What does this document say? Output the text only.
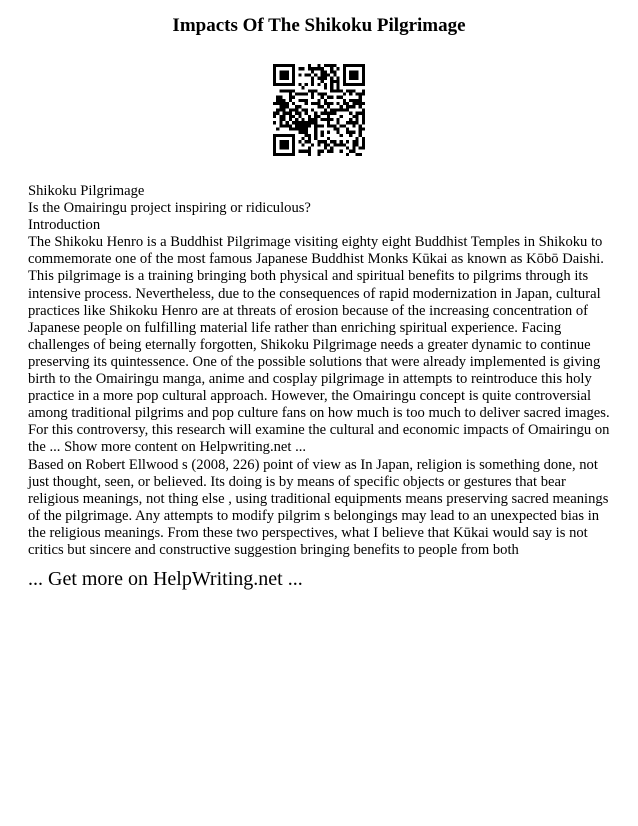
Impacts Of The Shikoku Pilgrimage

Shikoku Pilgrimage

Is the Omairingu project inspiring or ridiculous?

Introduction

The Shikoku Henro is a Buddhist Pilgrimage visiting eighty eight Buddhist Temples in Shikoku to commemorate one of the most famous Japanese Buddhist Monks Kūkai as known as Kōbō Daishi. This pilgrimage is a training bringing both physical and spiritual benefits to pilgrims through its intensive process. Nevertheless, due to the consequences of rapid modernization in Japan, cultural practices like Shikoku Henro are at threats of erosion because of the increasing concentration of Japanese people on fulfilling material life rather than enriching spiritual experience. Facing challenges of being eternally forgotten, Shikoku Pilgrimage needs a greater dynamic to continue preserving its quintessence. One of the possible solutions that were already implemented is giving birth to the Omairingu manga, anime and cosplay pilgrimage in attempts to reintroduce this holy practice in a more pop cultural approach. However, the Omairingu concept is quite controversial among traditional pilgrims and pop culture fans on how much is too much to deliver sacred images. For this controversy, this research will examine the cultural and economic impacts of Omairingu on the ... Show more content on Helpwriting.net ...

Based on Robert Ellwood s (2008, 226) point of view as In Japan, religion is something done, not just thought, seen, or believed. Its doing is by means of specific objects or gestures that bear religious meanings, not thing else , using traditional equipments means preserving sacred meanings of the pilgrimage. Any attempts to modify pilgrim s belongings may lead to an unexpected bias in the religious meanings. From these two perspectives, what I believe that Kūkai would say is not critics but sincere and constructive suggestion bringing benefits to people from both

... Get more on HelpWriting.net ...
